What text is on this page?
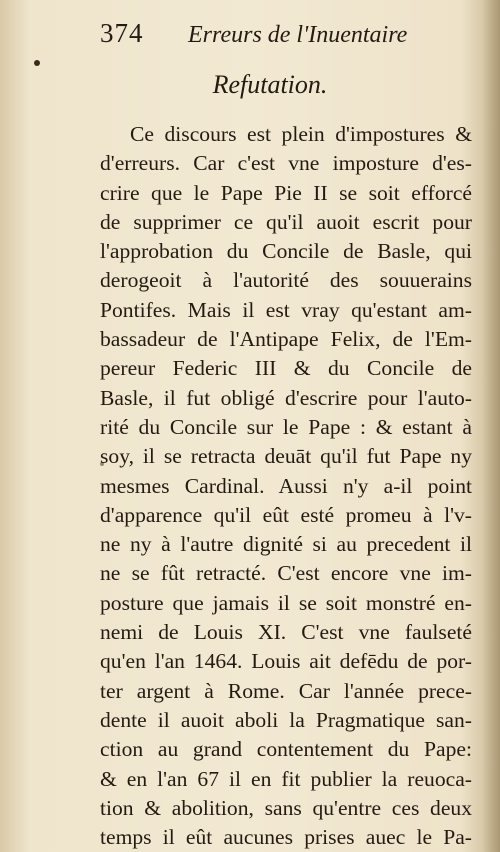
374 Erreurs de l'Inuentaire
Refutation.
Ce discours est plein d'impostures &
d'erreurs. Car c'est vne imposture d'es-
crire que le Pape Pie II se soit efforcé
de supprimer ce qu'il auoit escrit pour
l'approbation du Concile de Basle, qui
derogeoit à l'autorité des souuerains
Pontifes. Mais il est vray qu'estant am-
bassadeur de l'Antipape Felix, de l'Em-
pereur Federic III & du Concile de
Basle, il fut obligé d'escrire pour l'auto-
rité du Concile sur le Pape : & estant à
soy, il se retracta deuāt qu'il fut Pape ny
mesmes Cardinal. Aussi n'y a-il point
d'apparence qu'il eût esté promeu à l'v-
ne ny à l'autre dignité si au precedent il
ne se fût retracté. C'est encore vne im-
posture que jamais il se soit monstré en-
nemi de Louis XI. C'est vne faulseté
qu'en l'an 1464. Louis ait defēdu de por-
ter argent à Rome. Car l'année prece-
dente il auoit aboli la Pragmatique san-
ction au grand contentement du Pape:
& en l'an 67 il en fit publier la reuoca-
tion & abolition, sans qu'entre ces deux
temps il eût aucunes prises auec le Pa-
